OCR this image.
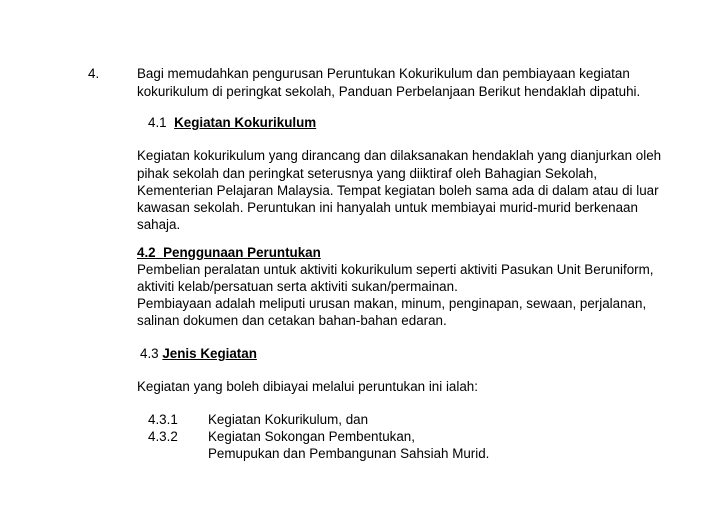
4.	Bagi memudahkan pengurusan Peruntukan Kokurikulum dan pembiayaan kegiatan
kokurikulum di peringkat sekolah, Panduan Perbelanjaan Berikut hendaklah dipatuhi.
4.1 Kegiatan Kokurikulum
Kegiatan kokurikulum yang dirancang dan dilaksanakan hendaklah yang dianjurkan oleh
pihak sekolah dan peringkat seterusnya yang diiktiraf oleh Bahagian Sekolah,
Kementerian Pelajaran Malaysia. Tempat kegiatan boleh sama ada di dalam atau di luar
kawasan sekolah. Peruntukan ini hanyalah untuk membiayai murid-murid berkenaan
sahaja.
4.2 Penggunaan Peruntukan
Pembelian peralatan untuk aktiviti kokurikulum seperti aktiviti Pasukan Unit Beruniform,
aktiviti kelab/persatuan serta aktiviti sukan/permainan.
Pembiayaan adalah meliputi urusan makan, minum, penginapan, sewaan, perjalanan,
salinan dokumen dan cetakan bahan-bahan edaran.
4.3 Jenis Kegiatan
Kegiatan yang boleh dibiayai melalui peruntukan ini ialah:
4.3.1 Kegiatan Kokurikulum, dan
4.3.2 Kegiatan Sokongan Pembentukan,
Pemupukan dan Pembangunan Sahsiah Murid.
